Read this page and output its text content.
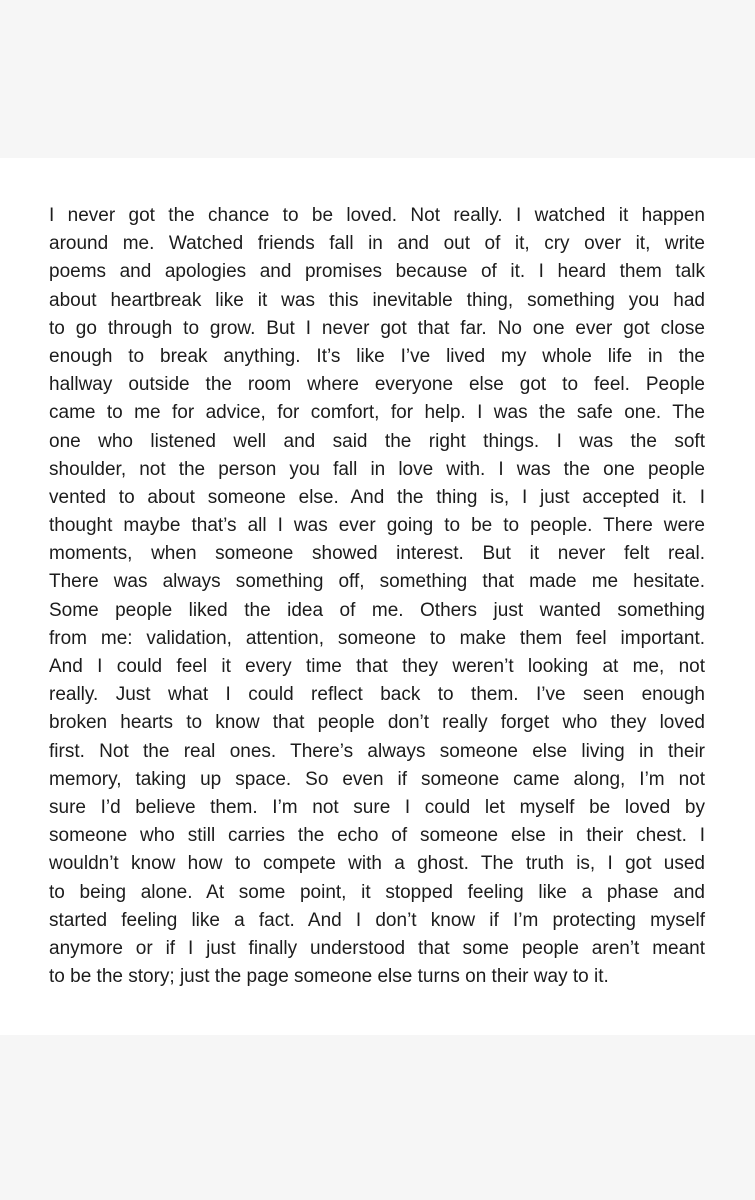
I never got the chance to be loved. Not really. I watched it happen
around me. Watched friends fall in and out of it, cry over it, write
poems and apologies and promises because of it. I heard them talk
about heartbreak like it was this inevitable thing, something you had
to go through to grow. But I never got that far. No one ever got close
enough to break anything. It’s like I’ve lived my whole life in the
hallway outside the room where everyone else got to feel. People
came to me for advice, for comfort, for help. I was the safe one. The
one who listened well and said the right things. I was the soft
shoulder, not the person you fall in love with. I was the one people
vented to about someone else. And the thing is, I just accepted it. I
thought maybe that’s all I was ever going to be to people. There were
moments, when someone showed interest. But it never felt real.
There was always something off, something that made me hesitate.
Some people liked the idea of me. Others just wanted something
from me: validation, attention, someone to make them feel important.
And I could feel it every time that they weren’t looking at me, not
really. Just what I could reflect back to them. I’ve seen enough
broken hearts to know that people don’t really forget who they loved
first. Not the real ones. There’s always someone else living in their
memory, taking up space. So even if someone came along, I’m not
sure I’d believe them. I’m not sure I could let myself be loved by
someone who still carries the echo of someone else in their chest. I
wouldn’t know how to compete with a ghost. The truth is, I got used
to being alone. At some point, it stopped feeling like a phase and
started feeling like a fact. And I don’t know if I’m protecting myself
anymore or if I just finally understood that some people aren’t meant
to be the story; just the page someone else turns on their way to it.
